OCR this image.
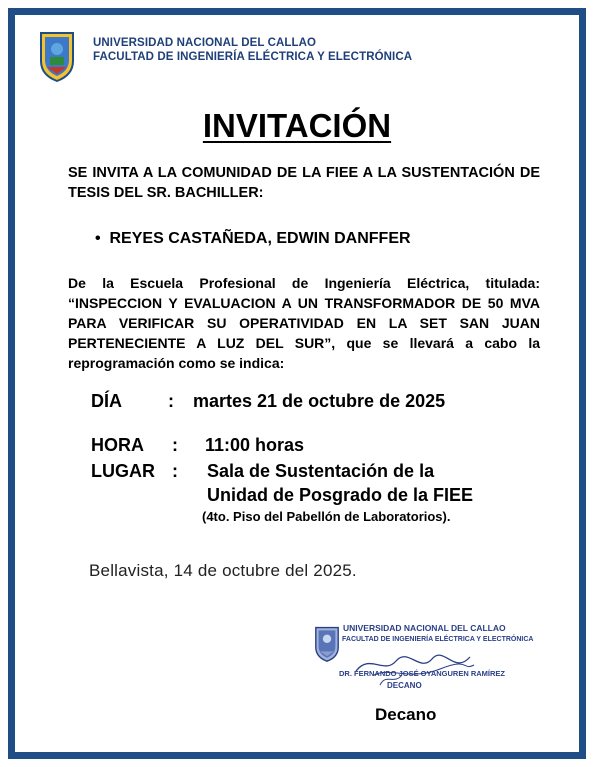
UNIVERSIDAD NACIONAL DEL CALLAO
FACULTAD DE INGENIERÍA ELÉCTRICA Y ELECTRÓNICA
INVITACIÓN
SE INVITA A LA COMUNIDAD DE LA FIEE A LA SUSTENTACIÓN DE TESIS DEL SR. BACHILLER:
•  REYES CASTAÑEDA, EDWIN DANFFER
De la Escuela Profesional de Ingeniería Eléctrica, titulada: “INSPECCION Y EVALUACION A UN TRANSFORMADOR DE 50 MVA PARA VERIFICAR SU OPERATIVIDAD EN LA SET SAN JUAN PERTENECIENTE A LUZ DEL SUR”, que se llevará a cabo la reprogramación como se indica:
DÍA	: martes 21 de octubre de 2025
HORA : 11:00 horas
LUGAR : Sala de Sustentación de la
Unidad de Posgrado de la FIEE
(4to. Piso del Pabellón de Laboratorios).
Bellavista, 14 de octubre del 2025.
UNIVERSIDAD NACIONAL DEL CALLAO
FACULTAD DE INGENIERÍA ELÉCTRICA Y ELECTRÓNICA
DR. FERNANDO JOSÉ OYANGUREN RAMÍREZ
DECANO
Decano
